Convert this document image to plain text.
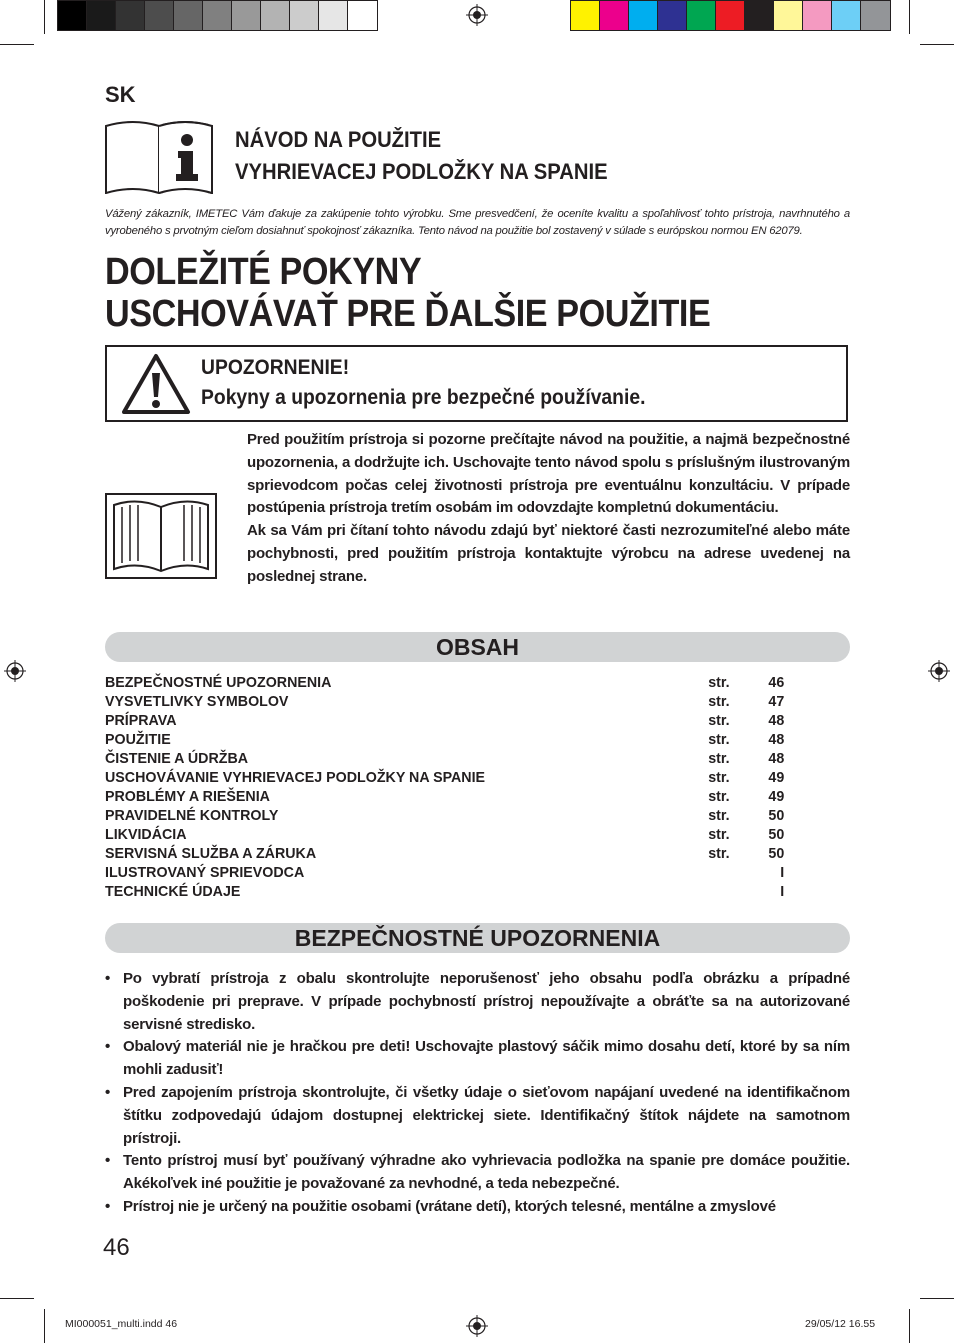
SK
NÁVOD NA POUŽITIE
VYHRIEVACEJ PODLOŽKY NA SPANIE
Vážený zákazník, IMETEC Vám ďakuje za zakúpenie tohto výrobku. Sme presvedčení, že oceníte kvalitu a spoľahlivosť tohto prístroja, navrhnutého a vyrobeného s prvotným cieľom dosiahnuť spokojnosť zákazníka. Tento návod na použitie bol zostavený v súlade s európskou normou EN 62079.
DOLEŽITÉ POKYNY
USCHOVÁVAŤ PRE ĎALŠIE POUŽITIE
UPOZORNENIE!
Pokyny a upozornenia pre bezpečné používanie.

Pred použitím prístroja si pozorne prečítajte návod na použitie, a najmä bezpečnostné upozornenia, a dodržujte ich. Uschovajte tento návod spolu s príslušným ilustrovaným sprievodcom počas celej životnosti prístroja pre eventuálnu konzultáciu. V prípade postúpenia prístroja tretím osobám im odovzdajte kompletnú dokumentáciu.

Ak sa Vám pri čítaní tohto návodu zdajú byť niektoré časti nezrozumiteľné alebo máte pochybnosti, pred použitím prístroja kontaktujte výrobcu na adrese uvedenej na poslednej strane.

OBSAH
BEZPEČNOSTNÉ UPOZORNENIA	str.	46
VYSVETLIVKY SYMBOLOV	str.	47
PRÍPRAVA	str.	48
POUŽITIE	str.	48
ČISTENIE A ÚDRŽBA	str.	48
USCHOVÁVANIE VYHRIEVACEJ PODLOŽKY NA SPANIE	str.	49
PROBLÉMY A RIEŠENIA	str.	49
PRAVIDELNÉ KONTROLY	str.	50
LIKVIDÁCIA	str.	50
SERVISNÁ SLUŽBA A ZÁRUKA	str.	50
ILUSTROVANÝ SPRIEVODCA	I
TECHNICKÉ ÚDAJE	I
BEZPEČNOSTNÉ UPOZORNENIA
• Po vybratí prístroja z obalu skontrolujte neporušenosť jeho obsahu podľa obrázku a prípadné poškodenie pri preprave. V prípade pochybností prístroj nepoužívajte a obráťte sa na autorizované servisné stredisko.
• Obalový materiál nie je hračkou pre deti! Uschovajte plastový sáčik mimo dosahu detí, ktoré by sa ním mohli zadusiť!
• Pred zapojením prístroja skontrolujte, či všetky údaje o sieťovom napájaní uvedené na identifikačnom štítku zodpovedajú údajom dostupnej elektrickej siete. Identifikačný štítok nájdete na samotnom prístroji.
• Tento prístroj musí byť používaný výhradne ako vyhrievacia podložka na spanie pre domáce použitie. Akékoľvek iné použitie je považované za nevhodné, a teda nebezpečné.
• Prístroj nie je určený na použitie osobami (vrátane detí), ktorých telesné, mentálne a zmyslové
46
MI000051_multi.indd 46	29/05/12 16.55
